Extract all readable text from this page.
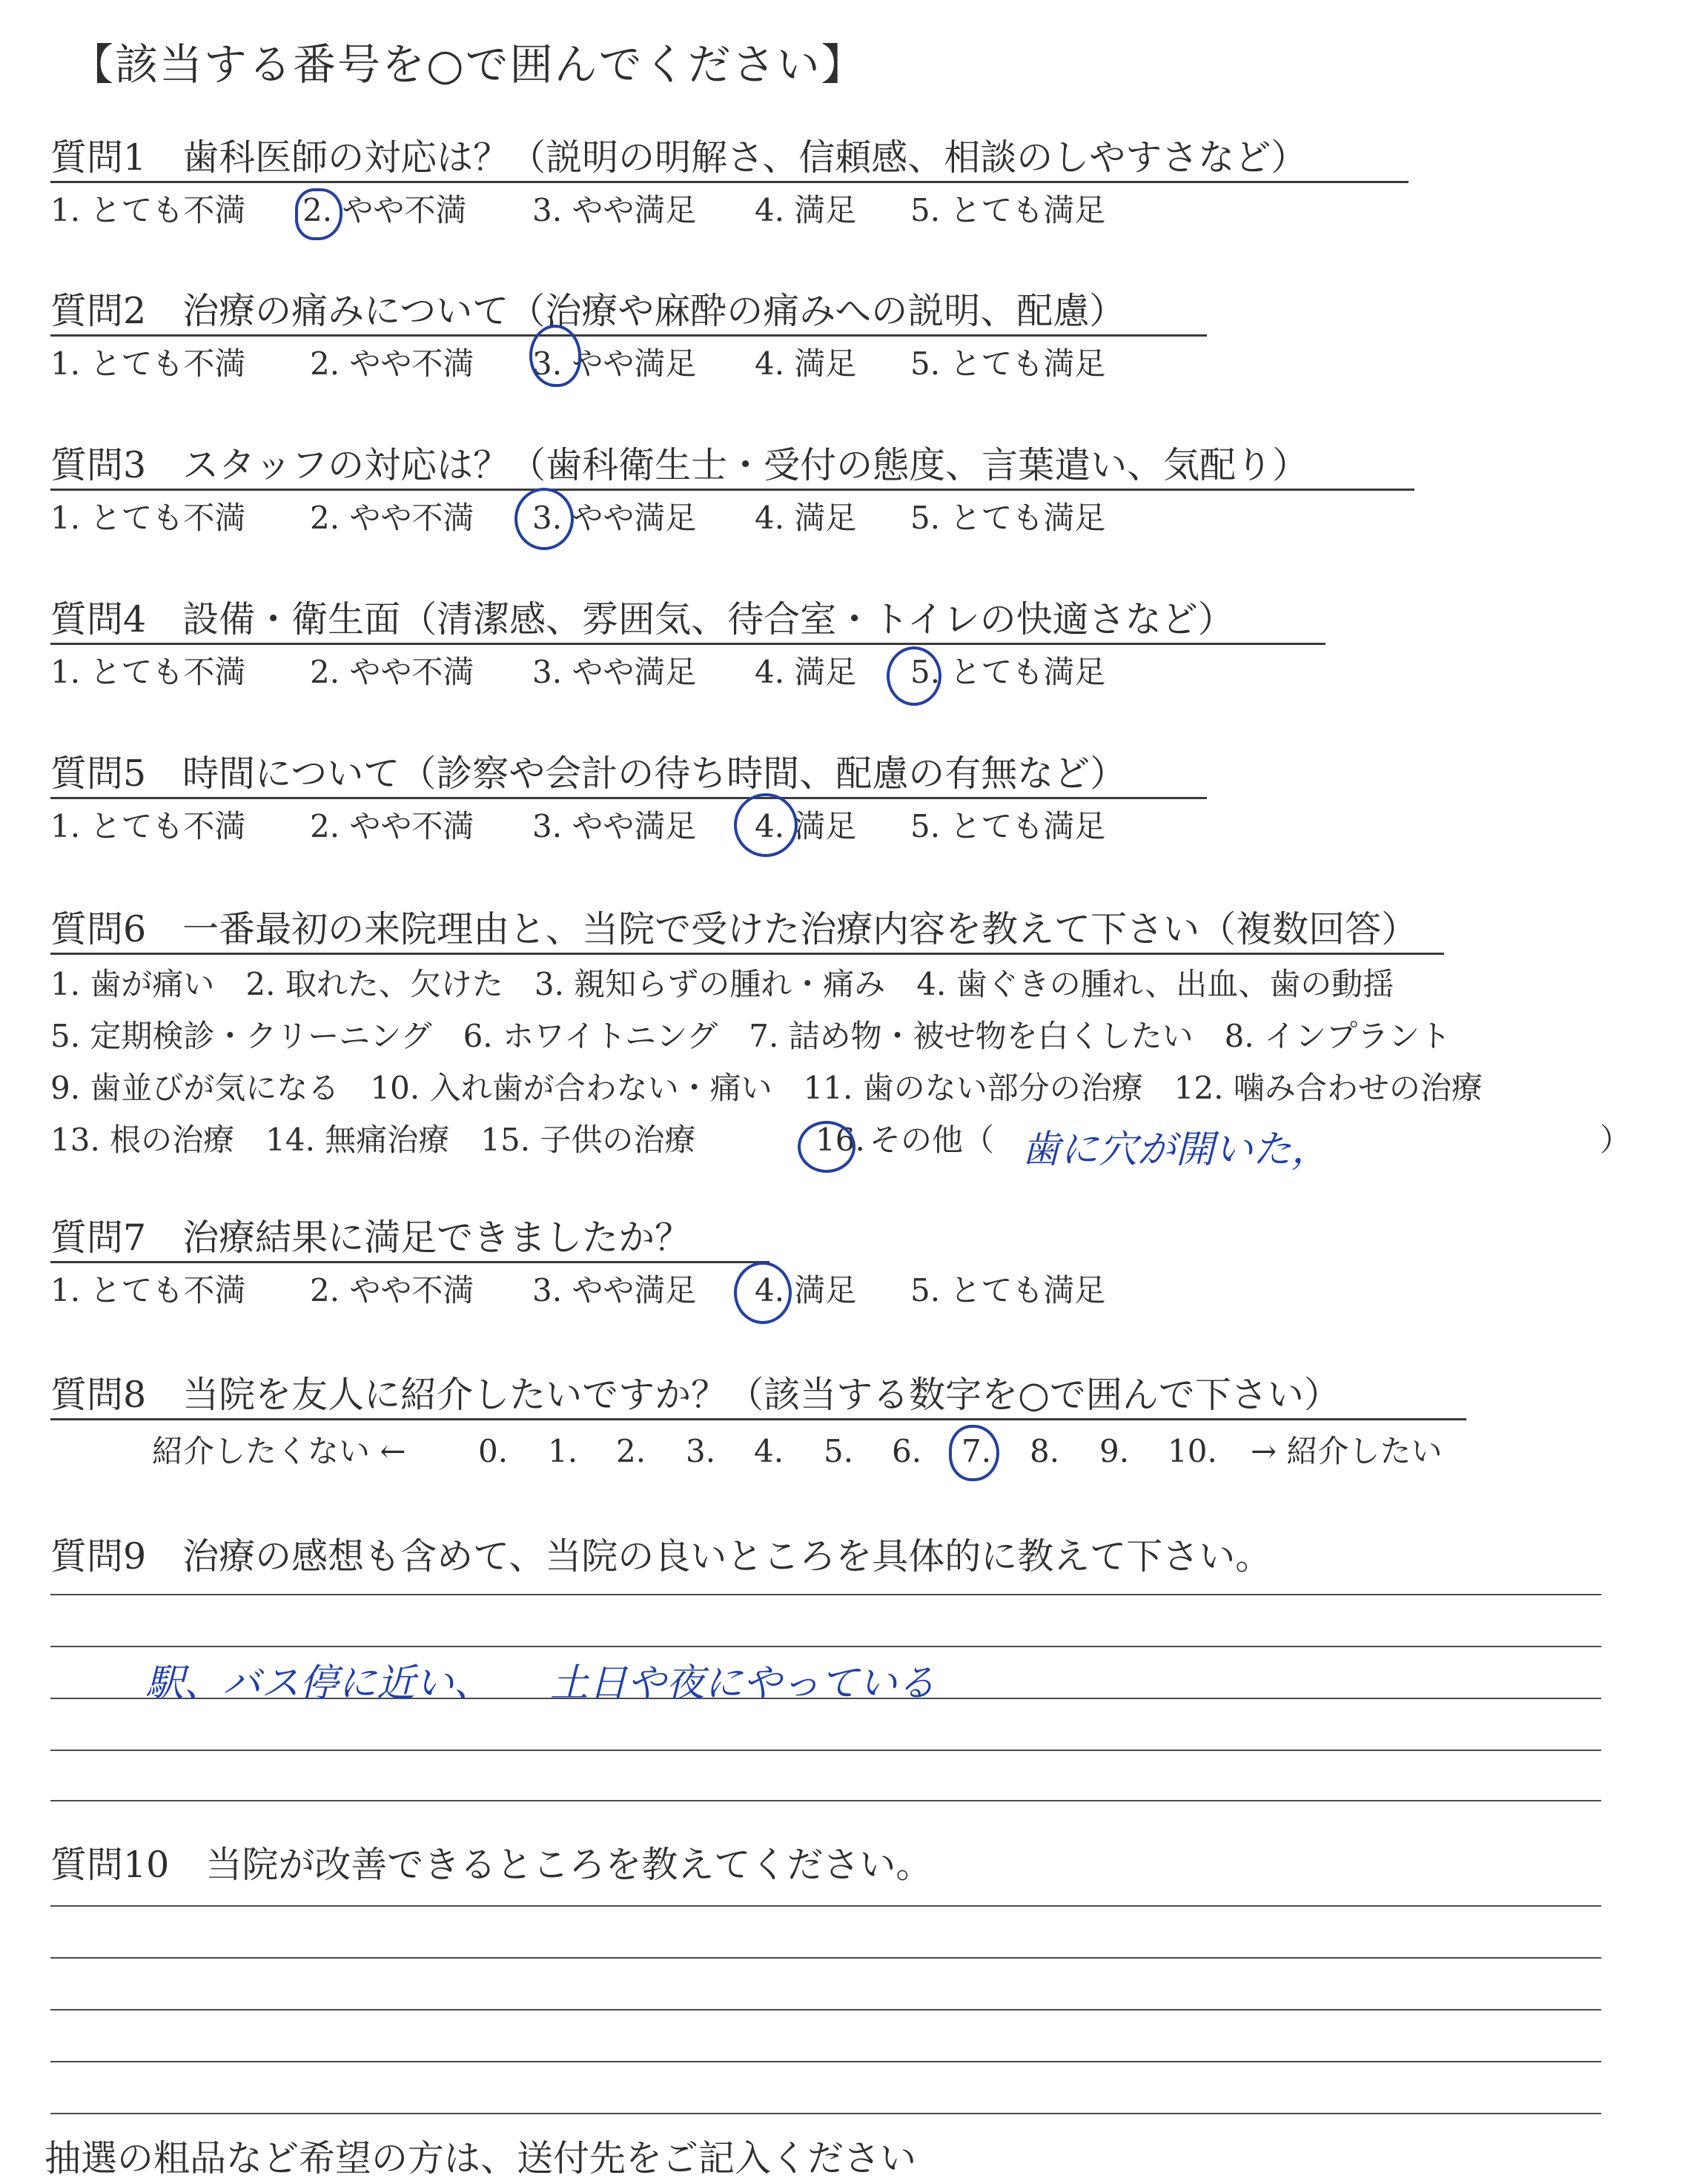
【該当する番号を○で囲んでください】
質問1　歯科医師の対応は？（説明の明解さ、信頼感、相談のしやすさなど）
1. とても不満 2. やや不満 3. やや満足 4. 満足 5. とても満足
質問2　治療の痛みについて（治療や麻酔の痛みへの説明、配慮）
1. とても不満 2. やや不満 3. やや満足 4. 満足 5. とても満足
質問3　スタッフの対応は？（歯科衛生士・受付の態度、言葉遣い、気配り）
1. とても不満 2. やや不満 3. やや満足 4. 満足 5. とても満足
質問4　設備・衛生面（清潔感、雰囲気、待合室・トイレの快適さなど）
1. とても不満 2. やや不満 3. やや満足 4. 満足 5. とても満足
質問5　時間について（診察や会計の待ち時間、配慮の有無など）
1. とても不満 2. やや不満 3. やや満足 4. 満足 5. とても満足
質問6　一番最初の来院理由と、当院で受けた治療内容を教えて下さい（複数回答）
1. 歯が痛い　2. 取れた、欠けた　3. 親知らずの腫れ・痛み　4. 歯ぐきの腫れ、出血、歯の動揺
5. 定期検診・クリーニング　6. ホワイトニング　7. 詰め物・被せ物を白くしたい　8. インプラント
9. 歯並びが気になる　10. 入れ歯が合わない・痛い　11. 歯のない部分の治療　12. 噛み合わせの治療
13. 根の治療　14. 無痛治療　15. 子供の治療	16. その他（	）
歯に穴が開いた，
質問7　治療結果に満足できましたか？
1. とても不満 2. やや不満 3. やや満足 4. 満足 5. とても満足
質問8　当院を友人に紹介したいですか？（該当する数字を○で囲んで下さい）
紹介したくない ← 0. 1. 2. 3. 4. 5. 6. 7. 8. 9. 10. → 紹介したい
質問9　治療の感想も含めて、当院の良いところを具体的に教えて下さい。
駅、バス停に近い、　　土日や夜にやっている
質問10　当院が改善できるところを教えてください。
抽選の粗品など希望の方は、送付先をご記入ください
